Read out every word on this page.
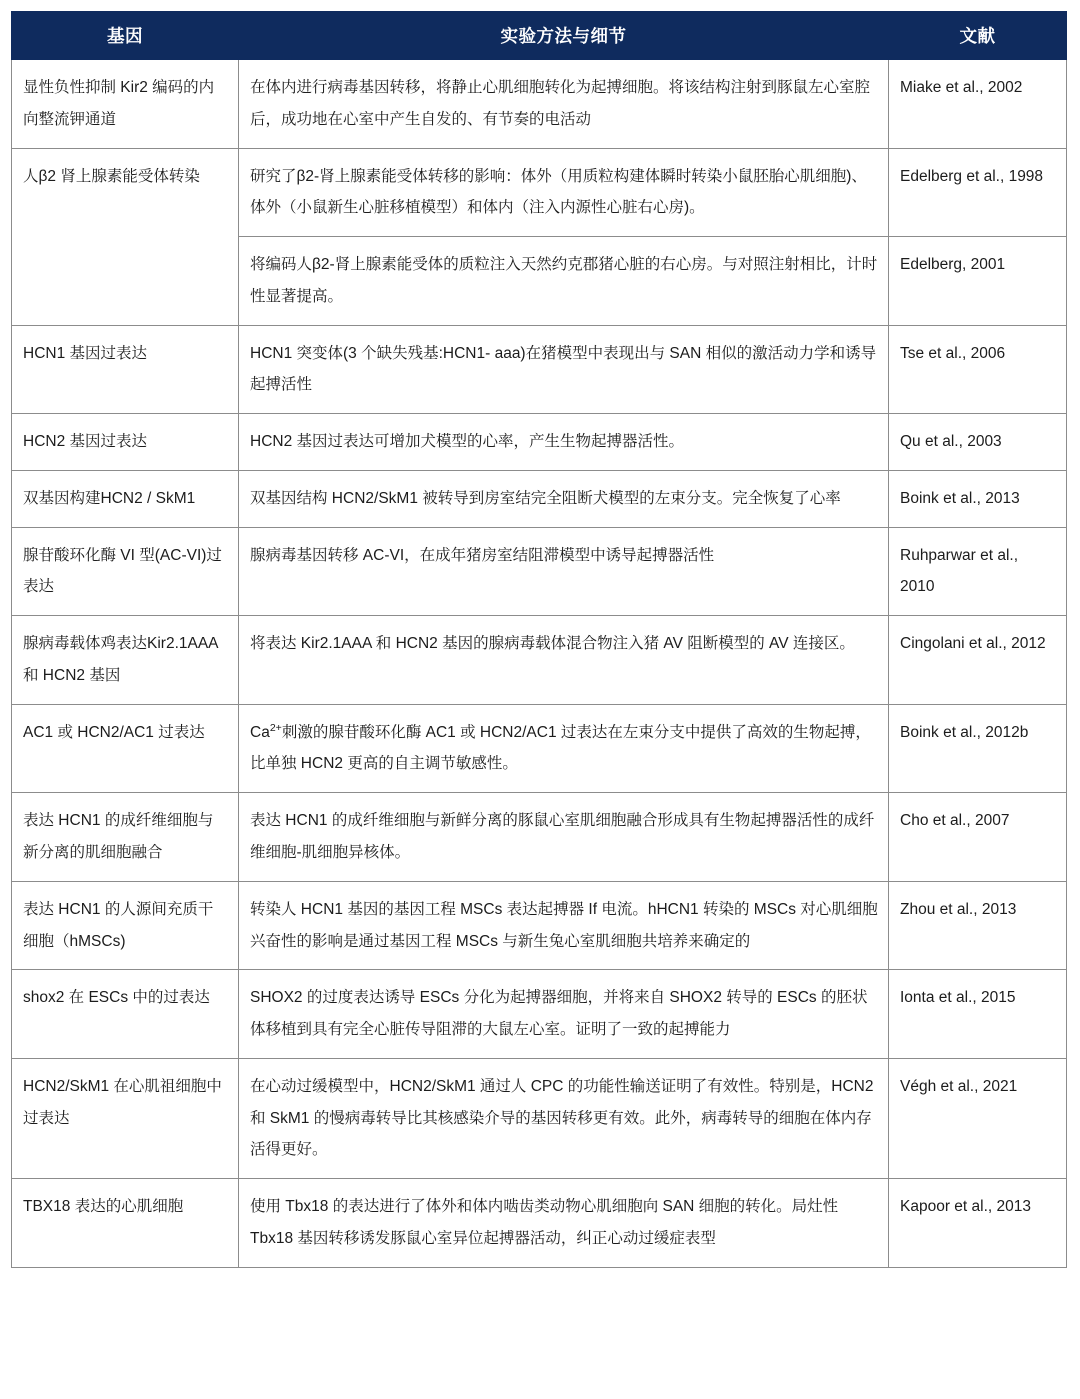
基因	实验方法与细节	文献
显性负性抑制 Kir2 编码的内向整流钾通道	在体内进行病毒基因转移，将静止心肌细胞转化为起搏细胞。将该结构注射到豚鼠左心室腔后，成功地在心室中产生自发的、有节奏的电活动	Miake et al., 2002
人β2 肾上腺素能受体转染	研究了β2-肾上腺素能受体转移的影响：体外（用质粒构建体瞬时转染小鼠胚胎心肌细胞)、体外（小鼠新生心脏移植模型）和体内（注入内源性心脏右心房)。	Edelberg et al., 1998
	将编码人β2-肾上腺素能受体的质粒注入天然约克郡猪心脏的右心房。与对照注射相比，计时性显著提高。	Edelberg, 2001
HCN1 基因过表达	HCN1 突变体(3 个缺失残基:HCN1- aaa)在猪模型中表现出与 SAN 相似的激活动力学和诱导起搏活性	Tse et al., 2006
HCN2 基因过表达	HCN2 基因过表达可增加犬模型的心率，产生生物起搏器活性。	Qu et al., 2003
双基因构建HCN2 / SkM1	双基因结构 HCN2/SkM1 被转导到房室结完全阻断犬模型的左束分支。完全恢复了心率	Boink et al., 2013
腺苷酸环化酶 VI 型(AC-VI)过表达	腺病毒基因转移 AC-VI，在成年猪房室结阻滞模型中诱导起搏器活性	Ruhparwar et al., 2010
腺病毒载体鸡表达Kir2.1AAA 和 HCN2 基因	将表达 Kir2.1AAA 和 HCN2 基因的腺病毒载体混合物注入猪 AV 阻断模型的 AV 连接区。	Cingolani et al., 2012
AC1 或 HCN2/AC1 过表达	$Ca^{2+}$刺激的腺苷酸环化酶 AC1 或 HCN2/AC1 过表达在左束分支中提供了高效的生物起搏，比单独 HCN2 更高的自主调节敏感性。	Boink et al., 2012b
表达 HCN1 的成纤维细胞与新分离的肌细胞融合	表达 HCN1 的成纤维细胞与新鲜分离的豚鼠心室肌细胞融合形成具有生物起搏器活性的成纤维细胞-肌细胞异核体。	Cho et al., 2007
表达 HCN1 的人源间充质干细胞（hMSCs)	转染人 HCN1 基因的基因工程 MSCs 表达起搏器 If 电流。hHCN1 转染的 MSCs 对心肌细胞兴奋性的影响是通过基因工程 MSCs 与新生兔心室肌细胞共培养来确定的	Zhou et al., 2013
shox2 在 ESCs 中的过表达	SHOX2 的过度表达诱导 ESCs 分化为起搏器细胞，并将来自 SHOX2 转导的 ESCs 的胚状体移植到具有完全心脏传导阻滞的大鼠左心室。证明了一致的起搏能力	Ionta et al., 2015
HCN2/SkM1 在心肌祖细胞中过表达	在心动过缓模型中，HCN2/SkM1 通过人 CPC 的功能性输送证明了有效性。特别是，HCN2 和 SkM1 的慢病毒转导比其核感染介导的基因转移更有效。此外，病毒转导的细胞在体内存活得更好。	Végh et al., 2021
TBX18 表达的心肌细胞	使用 Tbx18 的表达进行了体外和体内啮齿类动物心肌细胞向 SAN 细胞的转化。局灶性 Tbx18 基因转移诱发豚鼠心室异位起搏器活动，纠正心动过缓症表型	Kapoor et al., 2013
